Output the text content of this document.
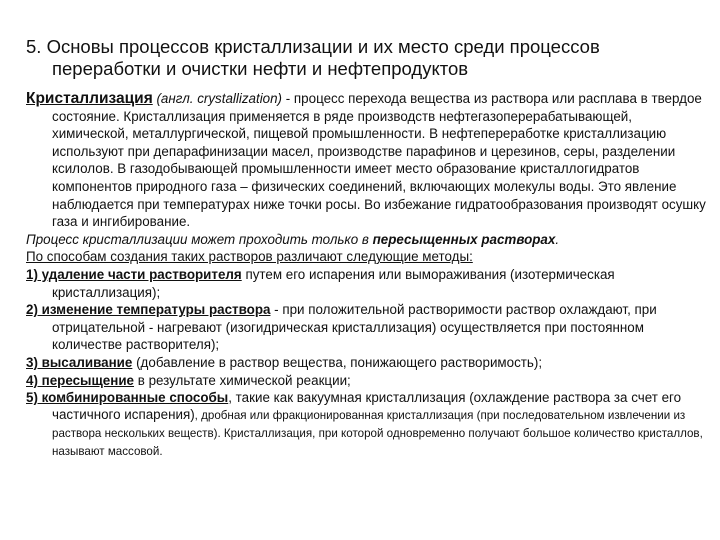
5. Основы процессов кристаллизации и их место среди процессов переработки и очистки нефти и нефтепродуктов

Кристаллизация (англ. crystallization) - процесс перехода вещества из раствора или расплава в твердое состояние. Кристаллизация применяется в ряде производств нефтегазоперерабатывающей, химической, металлургической, пищевой промышленности. В нефтепереработке кристаллизацию используют при депарафинизации масел, производстве парафинов и церезинов, серы, разделении ксилолов. В газодобывающей промышленности имеет место образование кристаллогидратов компонентов природного газа – физических соединений, включающих молекулы воды. Это явление наблюдается при температурах ниже точки росы. Во избежание гидратообразования производят осушку газа и ингибирование.

Процесс кристаллизации может проходить только в пересыщенных растворах.

По способам создания таких растворов различают следующие методы:

1) удаление части растворителя путем его испарения или вымораживания (изотермическая кристаллизация);

2) изменение температуры раствора - при положительной растворимости раствор охлаждают, при отрицательной - нагревают (изогидрическая кристаллизация) осуществляется при постоянном количестве растворителя);

3) высаливание (добавление в раствор вещества, понижающего растворимость);

4) пересыщение в результате химической реакции;

5) комбинированные способы, такие как вакуумная кристаллизация (охлаждение раствора за счет его частичного испарения), дробная или фракционированная кристаллизация (при последовательном извлечении из раствора нескольких веществ). Кристаллизация, при которой одновременно получают большое количество кристаллов, называют массовой.
